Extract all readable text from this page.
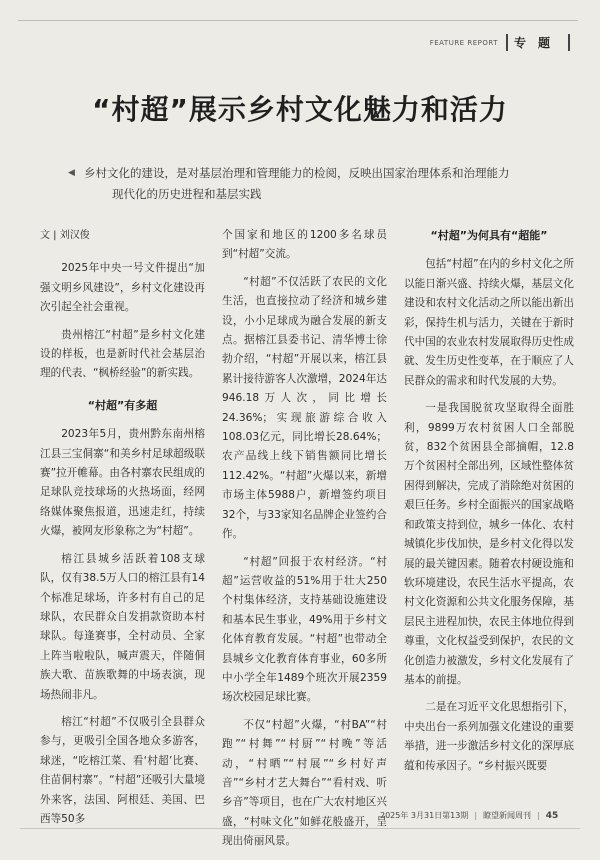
FEATURE REPORT	专题
“村超”展示乡村文化魅力和活力
◀ 乡村文化的建设，是对基层治理和管理能力的检阅，反映出国家治理体系和治理能力

现代化的历史进程和基层实践

文 | 刘汉俊

2025年中央一号文件提出“加强文明乡风建设”，乡村文化建设再次引起全社会重视。

贵州榕江“村超”是乡村文化建设的样板，也是新时代社会基层治理的代表、“枫桥经验”的新实践。

“村超”有多超

2023年5月，贵州黔东南州榕江县三宝侗寨“和美乡村足球超级联赛”拉开帷幕。由各村寨农民组成的足球队竞技球场的火热场面，经网络媒体聚焦报道，迅速走红，持续火爆，被网友形象称之为“村超”。

榕江县城乡活跃着108支球队，仅有38.5万人口的榕江县有14个标准足球场，许多村有自己的足球队，农民群众自发捐款资助本村球队。每逢赛事，全村动员、全家上阵当啦啦队，喊声震天，伴随侗族大歌、苗族歌舞的中场表演，现场热闹非凡。

榕江“村超”不仅吸引全县群众参与，更吸引全国各地众多游客，球迷，“吃榕江菜、看‘村超’比赛、住苗侗村寨”。“村超”还吸引大量境外来客，法国、阿根廷、美国、巴西等50多

个国家和地区的1200多名球员到“村超”交流。

“村超”不仅活跃了农民的文化生活，也直接拉动了经济和城乡建设，小小足球成为融合发展的新支点。据榕江县委书记、清华博士徐勃介绍，“村超”开展以来，榕江县累计接待游客人次激增，2024年达946.18万人次，同比增长24.36%；实现旅游综合收入108.03亿元，同比增长28.64%；农产品线上线下销售额同比增长112.42%。“村超”火爆以来，新增市场主体5988户，新增签约项目32个，与33家知名品牌企业签约合作。

“村超”回报于农村经济。“村超”运营收益的51%用于壮大250个村集体经济，支持基础设施建设和基本民生事业，49%用于乡村文化体育教育发展。“村超”也带动全县城乡文化教育体育事业，60多所中小学全年1489个班次开展2359场次校园足球比赛。

不仅“村超”火爆，“村BA”“村跑”“村舞”“村厨”“村晚”等活动，“村晒”“村展”“乡村好声音”“乡村才艺大舞台”“看村戏、听乡音”等项目，也在广大农村地区兴盛，“村味文化”如鲜花般盛开，呈现出倚丽风景。

“村超”为何具有“超能”

包括“村超”在内的乡村文化之所以能日渐兴盛、持续火爆，基层文化建设和农村文化活动之所以能出新出彩，保持生机与活力，关键在于新时代中国的农业农村发展取得历史性成就、发生历史性变革，在于顺应了人民群众的需求和时代发展的大势。

一是我国脱贫攻坚取得全面胜利，9899万农村贫困人口全部脱贫，832个贫困县全部摘帽，12.8万个贫困村全部出列，区域性整体贫困得到解决，完成了消除绝对贫困的艰巨任务。乡村全面振兴的国家战略和政策支持到位，城乡一体化、农村城镇化步伐加快，是乡村文化得以发展的最关键因素。随着农村硬设施和软环境建设，农民生活水平提高，农村文化资源和公共文化服务保障，基层民主进程加快，农民主体地位得到尊重，文化权益受到保护，农民的文化创造力被激发，乡村文化发展有了基本的前提。

二是在习近平文化思想指引下，中央出台一系列加强文化建设的重要举措，进一步激活乡村文化的深厚底蕴和传承因子。“乡村振兴既要

2025年 3月31日第13期 | 瞭望新闻周刊 | 45
